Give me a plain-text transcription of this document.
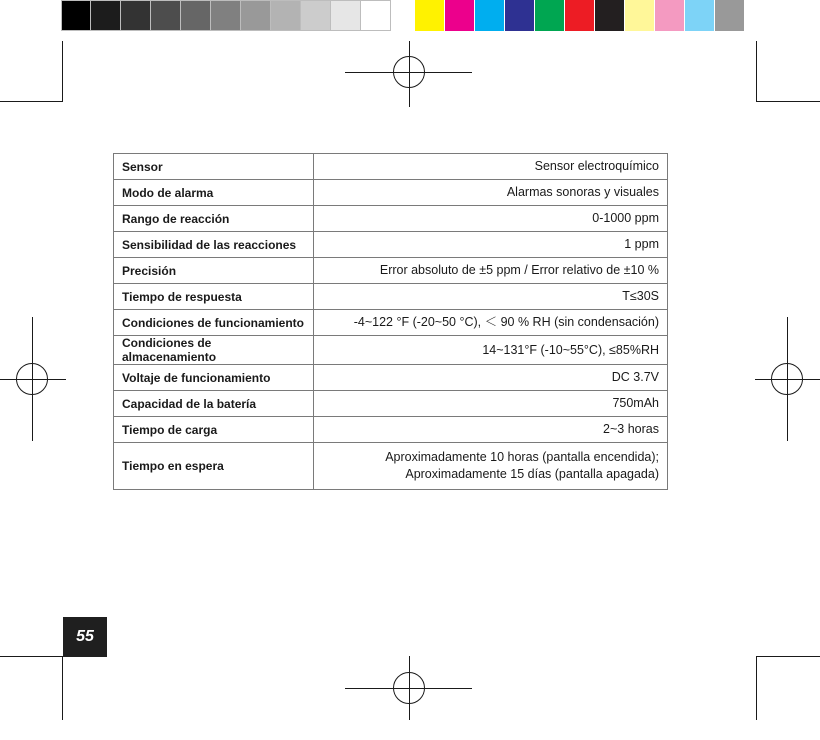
Sensor	Sensor electroquímico
Modo de alarma	Alarmas sonoras y visuales
Rango de reacción	0-1000 ppm
Sensibilidad de las reacciones	1 ppm
Precisión	Error absoluto de ±5 ppm / Error relativo de ±10 %
Tiempo de respuesta	T≤30S
Condiciones de funcionamiento	-4~122 °F (-20~50 °C), ＜ 90 % RH (sin condensación)
Condiciones de almacenamiento	14~131°F (-10~55°C), ≤85%RH
Voltaje de funcionamiento	DC 3.7V
Capacidad de la batería	750mAh
Tiempo de carga	2~3 horas
Tiempo en espera	Aproximadamente 10 horas (pantalla encendida);
Aproximadamente 15 días (pantalla apagada)
55
